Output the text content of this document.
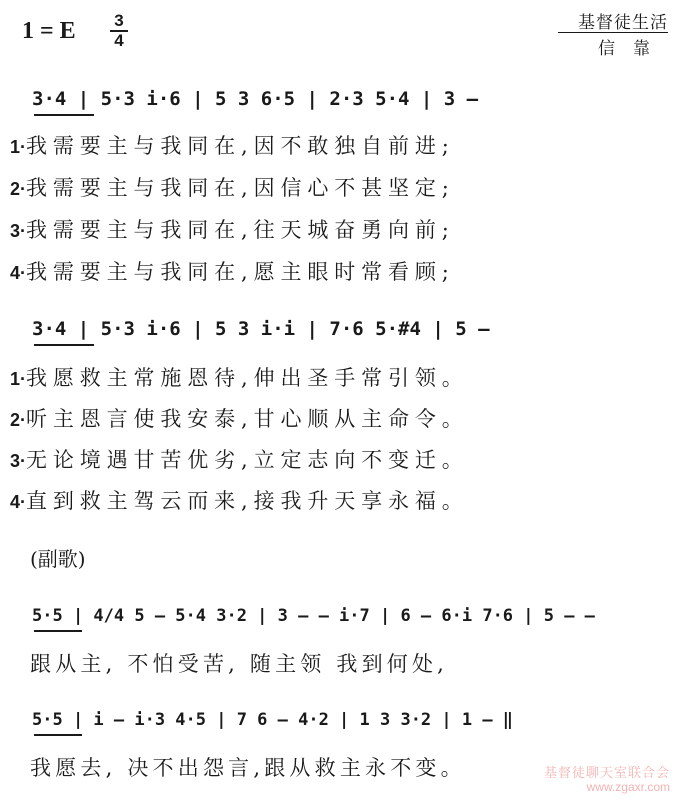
1 = E 3
4
基督徒生活
信靠
3·4 | 5·3 i·6 | 5 3 6·5 | 2·3 5·4 | 3 –
1·我需要主与我同在,因不敢独自前进;
2·我需要主与我同在,因信心不甚坚定;
3·我需要主与我同在,往天城奋勇向前;
4·我需要主与我同在,愿主眼时常看顾;
3·4 | 5·3 i·6 | 5 3 i·i | 7·6 5·#4 | 5 –
1·我愿救主常施恩待,伸出圣手常引领。
2·听主恩言使我安泰,甘心顺从主命令。
3·无论境遇甘苦优劣,立定志向不变迁。
4·直到救主驾云而来,接我升天享永福。
(副歌)
5·5 | 4/4 5 – 5·4 3·2 | 3 – – i·7 | 6 – 6·i 7·6 | 5 – –
跟从主, 不怕受苦, 随主领 我到何处,
5·5 | i – i·3 4·5 | 7 6 – 4·2 | 1 3 3·2 | 1 – ‖
我愿去, 决不出怨言,跟从救主永不变。	基督徒聊天室联合会
www.zgaxr.com
